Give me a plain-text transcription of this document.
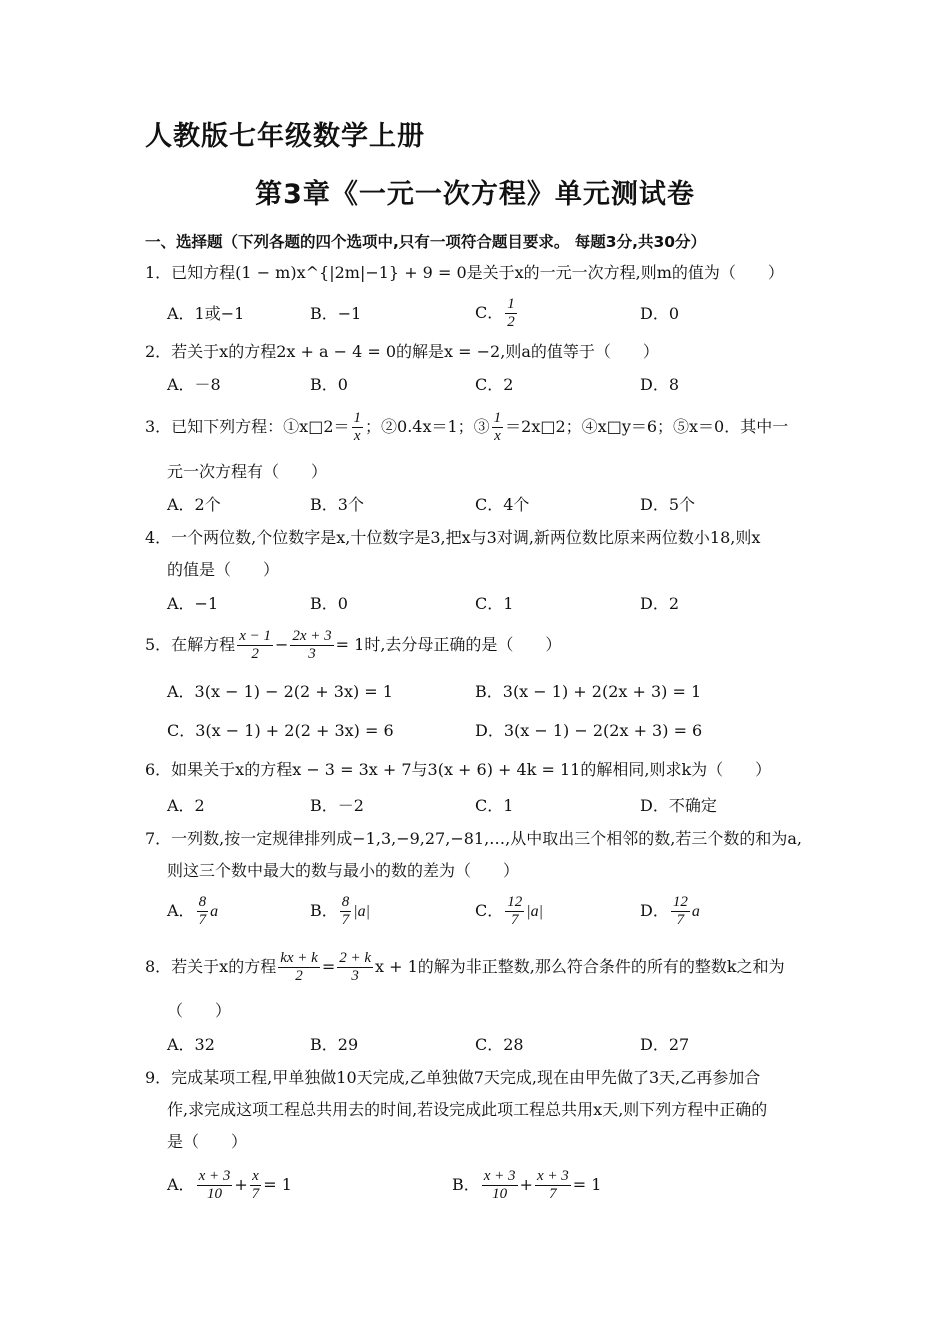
人教版七年级数学上册
第3章《一元一次方程》单元测试卷
一、选择题（下列各题的四个选项中,只有一项符合题目要求。 每题3分,共30分）
1．已知方程(1 − m)x^{|2m|−1} + 9 = 0是关于x的一元一次方程,则m的值为（　　）
A．1或−1	B．−1	C． $\frac{1}{2}$	D．0
2．若关于x的方程2x + a − 4 = 0的解是x = −2,则a的值等于（　　）
A．－8	B．0	C．2	D．8
3．已知下列方程：①x□2＝ $\frac{1}{x}$ ；②0.4x＝1；③ $\frac{1}{x}$ ＝2x□2；④x□y＝6；⑤x＝0．其中一
元一次方程有（　　）
A．2个	B．3个	C．4个	D．5个
4．一个两位数,个位数字是x,十位数字是3,把x与3对调,新两位数比原来两位数小18,则x
的值是（　　）
A．−1	B．0	C．1	D．2
5．在解方程 $\frac{x - 1}{2} - \frac{2x + 3}{3} = 1$时,去分母正确的是（　　）
A．3(x − 1) − 2(2 + 3x) = 1	B．3(x − 1) + 2(2x + 3) = 1
C．3(x − 1) + 2(2 + 3x) = 6	D．3(x − 1) − 2(2x + 3) = 6
6．如果关于x的方程x − 3 = 3x + 7与3(x + 6) + 4k = 11的解相同,则求k为（　　）
A．2	B．－2	C．1	D．不确定
7．一列数,按一定规律排列成−1,3,−9,27,−81,…,从中取出三个相邻的数,若三个数的和为a,
则这三个数中最大的数与最小的数的差为（　　）
A． $\frac{8}{7}$ a	B． $\frac{8}{7} |a|$	C． $\frac{12}{7} |a|$	D． $\frac{12}{7}$ a
8．若关于x的方程 $\frac{kx + k}{2} = \frac{2 + k}{3}$ x + 1的解为非正整数,那么符合条件的所有的整数k之和为
（　　）
A．32	B．29	C．28	D．27
9．完成某项工程,甲单独做10天完成,乙单独做7天完成,现在由甲先做了3天,乙再参加合
作,求完成这项工程总共用去的时间,若设完成此项工程总共用x天,则下列方程中正确的
是（　　）
A． $\frac{x + 3}{10} + \frac{x}{7} = 1$	B． $\frac{x + 3}{10} + \frac{x + 3}{7} = 1$
